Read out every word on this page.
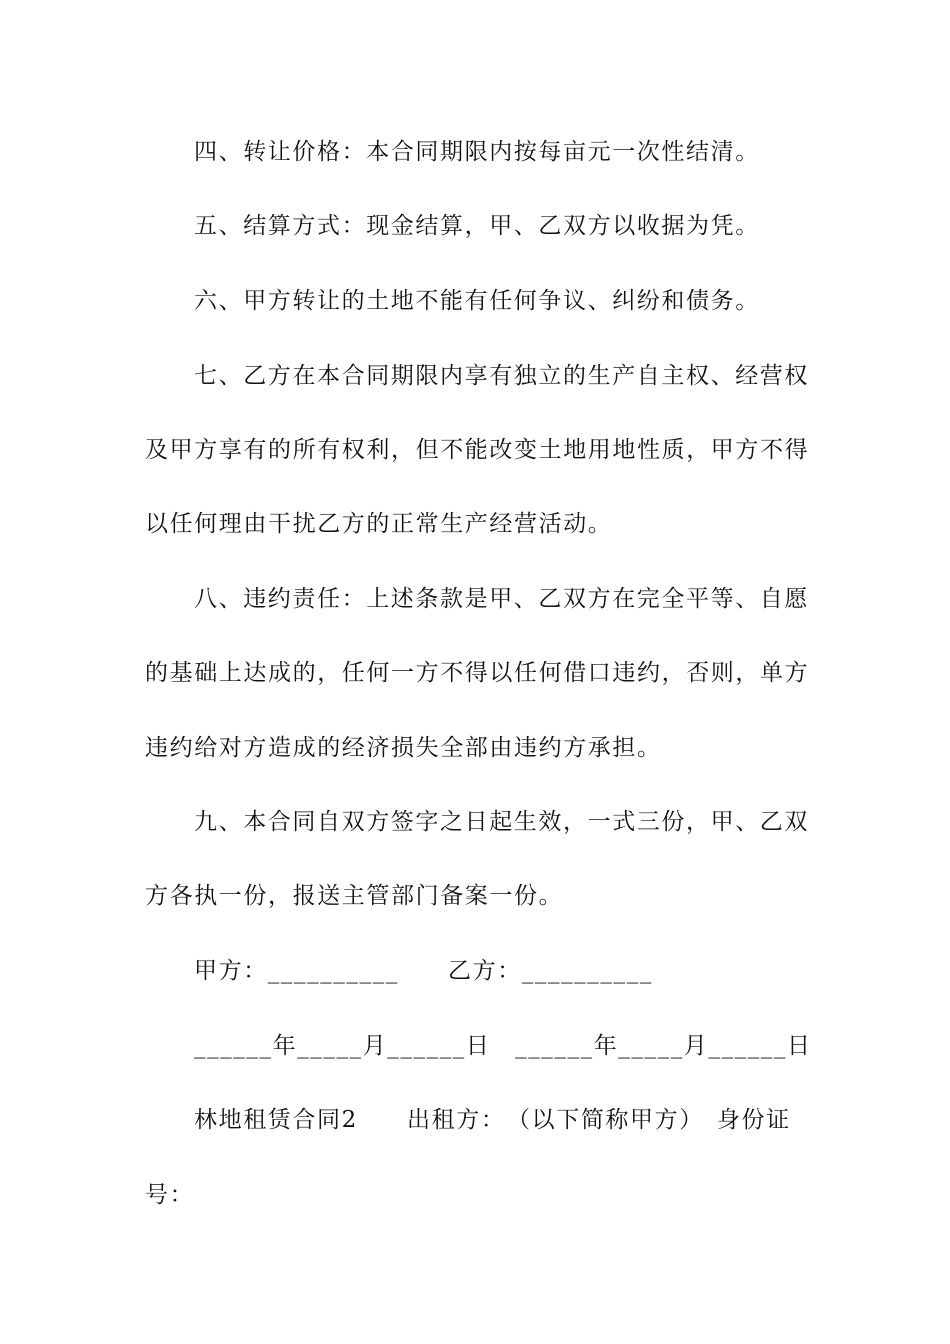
四、转让价格：本合同期限内按每亩元一次性结清。
五、结算方式：现金结算，甲、乙双方以收据为凭。
六、甲方转让的土地不能有任何争议、纠纷和债务。
七、乙方在本合同期限内享有独立的生产自主权、经营权
及甲方享有的所有权利，但不能改变土地用地性质，甲方不得
以任何理由干扰乙方的正常生产经营活动。
八、违约责任：上述条款是甲、乙双方在完全平等、自愿
的基础上达成的，任何一方不得以任何借口违约，否则，单方
违约给对方造成的经济损失全部由违约方承担。
九、本合同自双方签字之日起生效，一式三份，甲、乙双
方各执一份，报送主管部门备案一份。
甲方：__________　　乙方：__________
______年_____月______日　______年_____月______日
林地租赁合同2　　出租方：　（以下简称甲方）　身份证
号：
